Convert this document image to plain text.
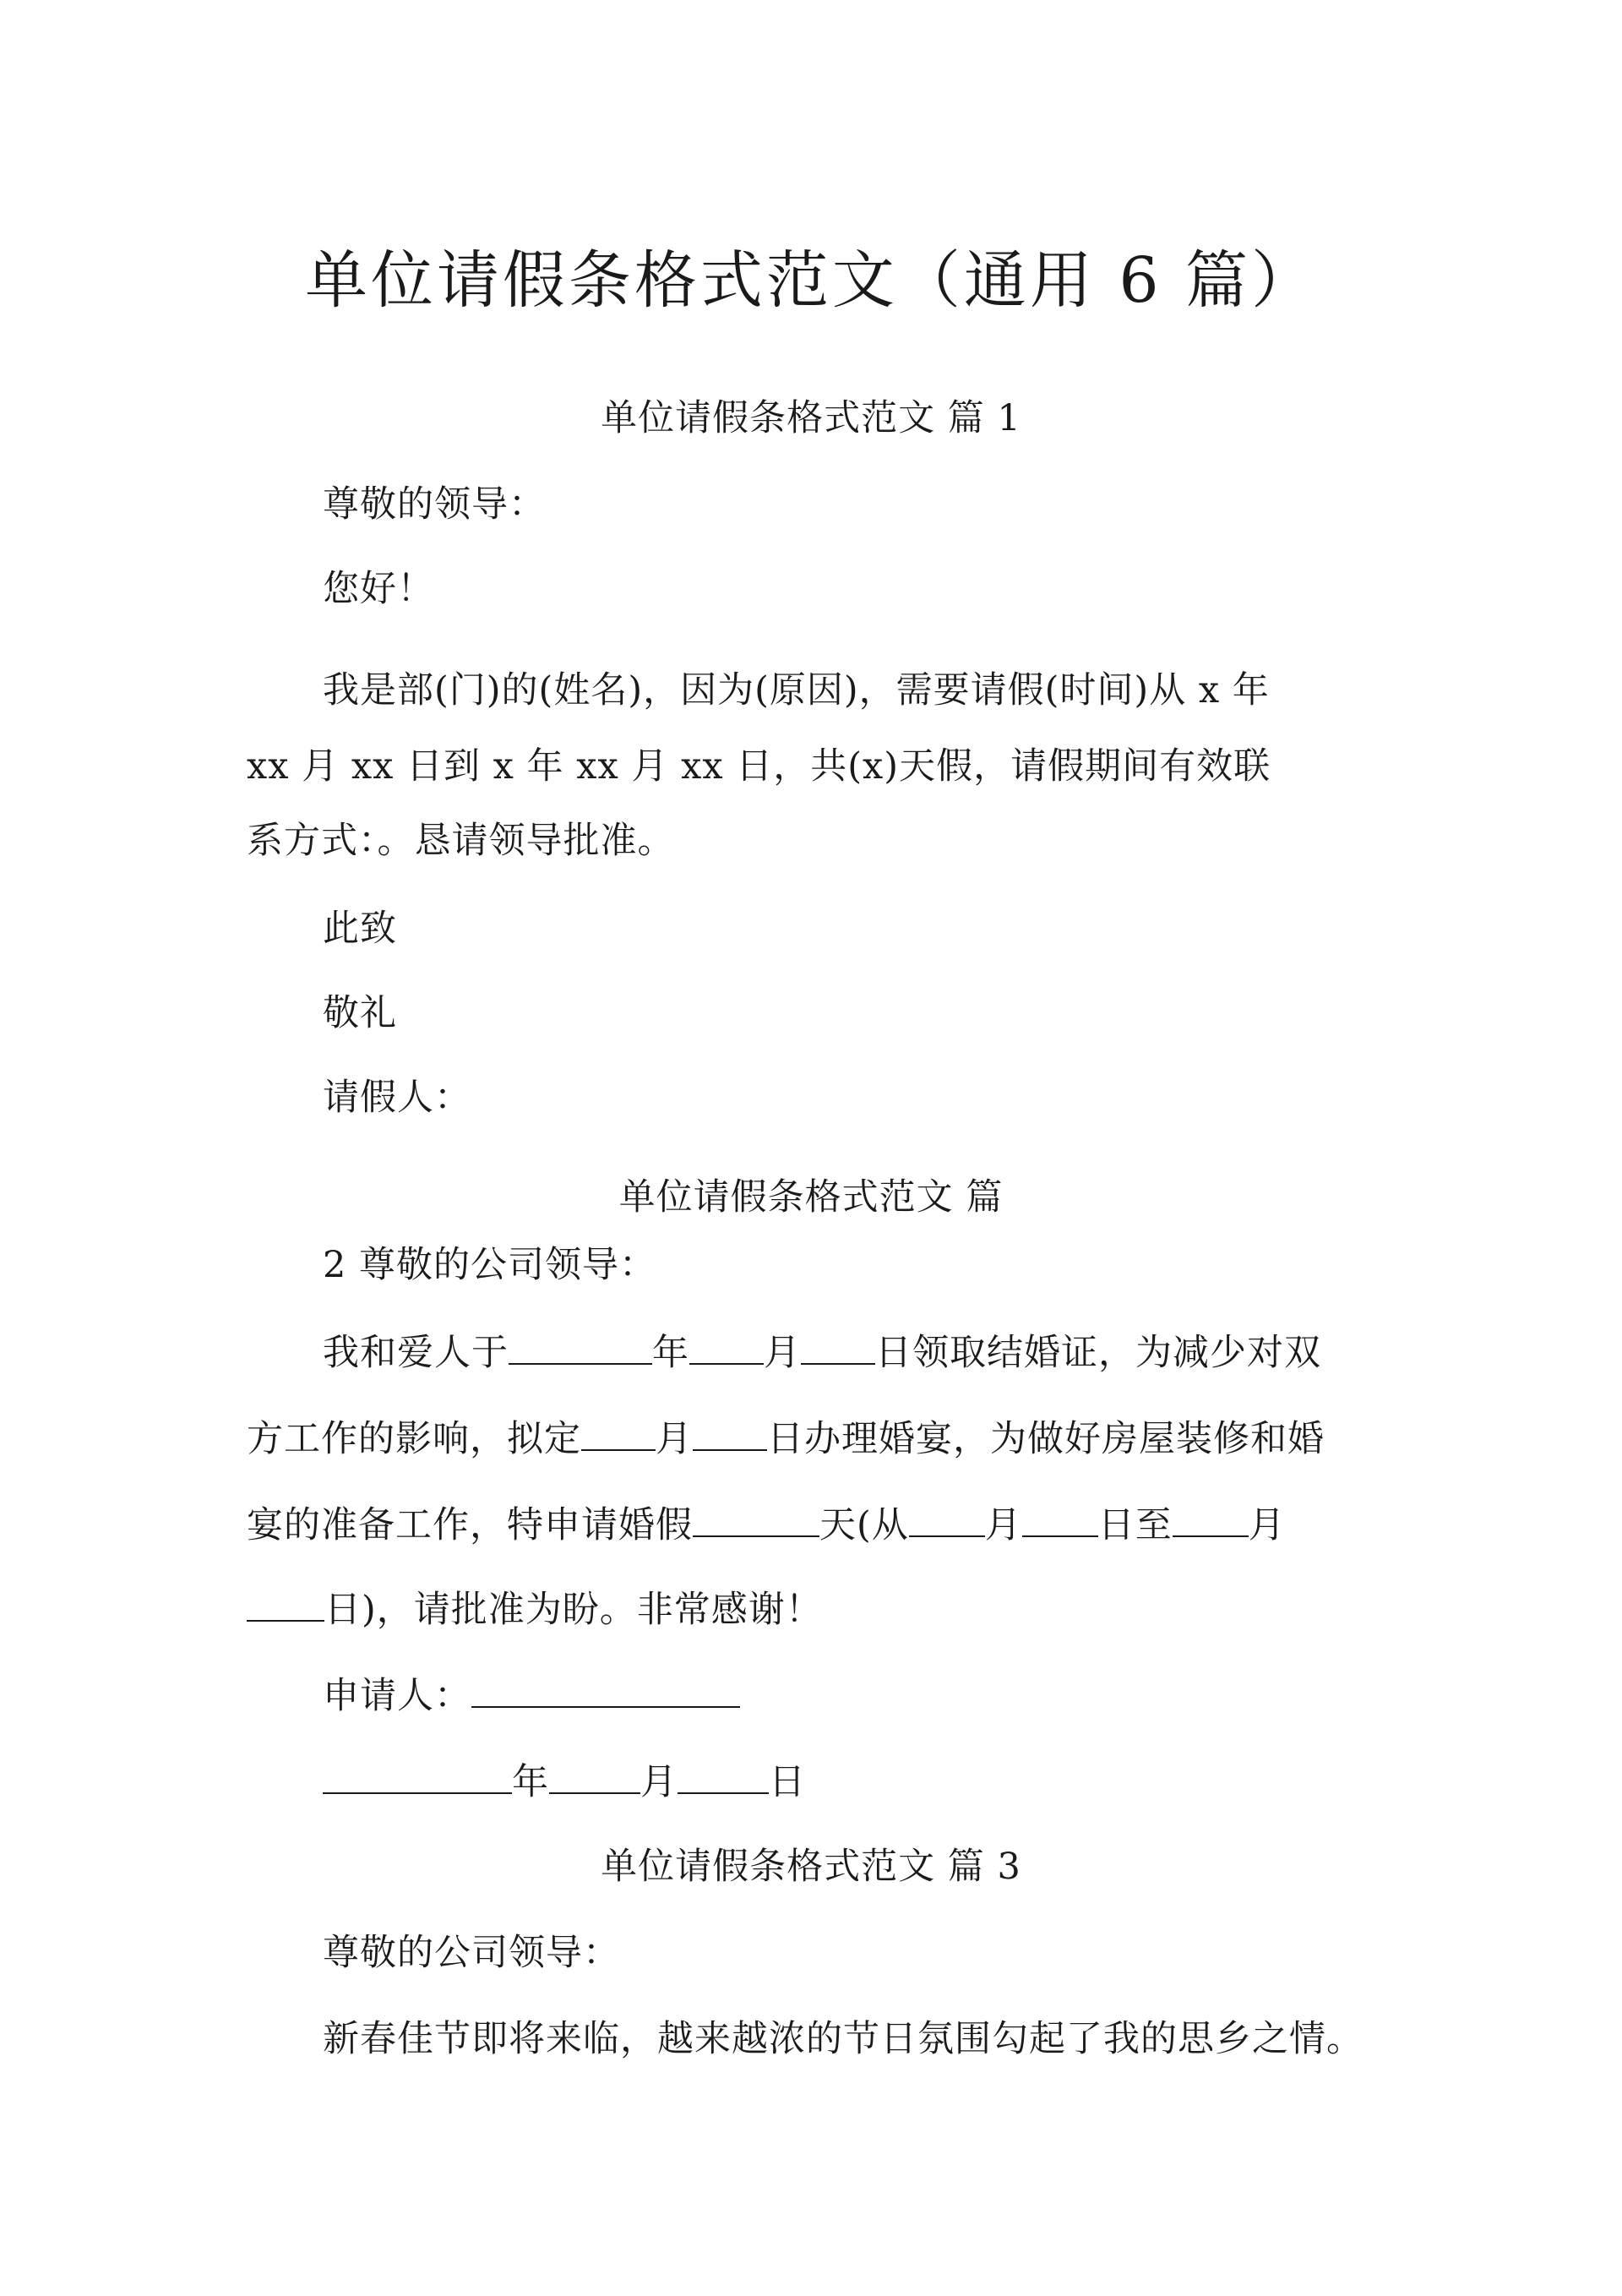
单位请假条格式范文（通用 6 篇）
单位请假条格式范文 篇 1
尊敬的领导：
您好！
我是部(门)的(姓名)，因为(原因)，需要请假(时间)从 x 年
xx 月 xx 日到 x 年 xx 月 xx 日，共(x)天假，请假期间有效联
系方式：。恳请领导批准。
此致
敬礼
请假人：
单位请假条格式范文 篇
2 尊敬的公司领导：
我和爱人于	年 月 日领取结婚证，为减少对双
方工作的影响，拟定 月 日办理婚宴，为做好房屋装修和婚
宴的准备工作，特申请婚假	天(从 月 日至 月
日)，请批准为盼。非常感谢！
申请人：
年	月	日
单位请假条格式范文 篇 3
尊敬的公司领导：
新春佳节即将来临，越来越浓的节日氛围勾起了我的思乡之情。
